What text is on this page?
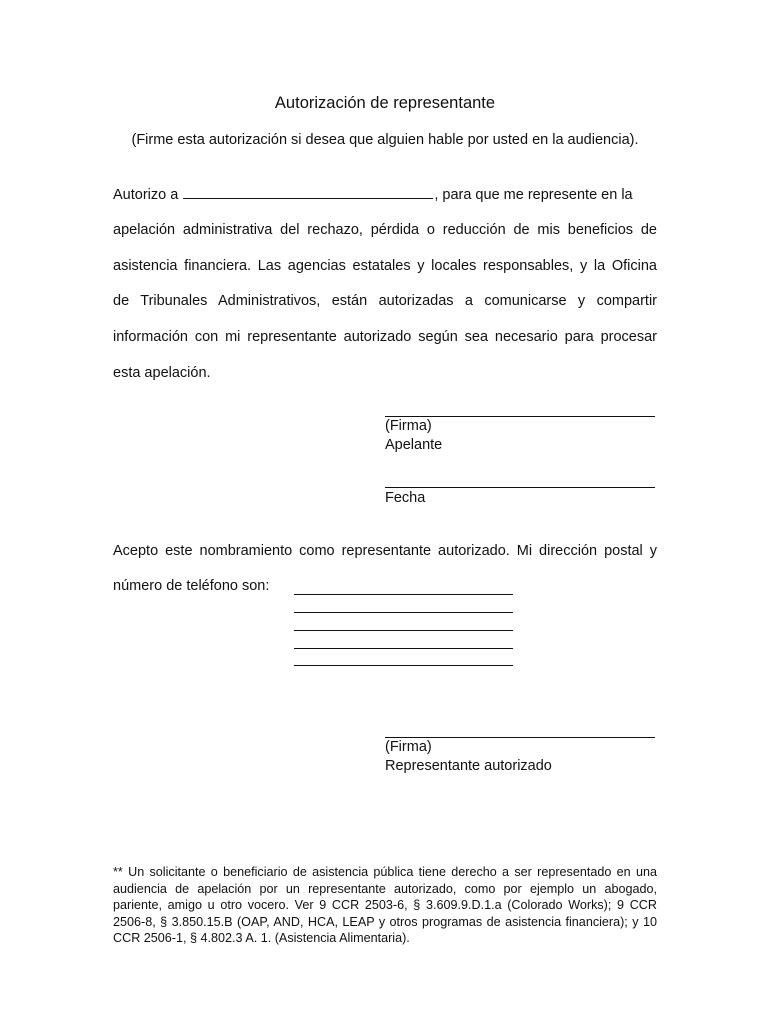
Autorización de representante
(Firme esta autorización si desea que alguien hable por usted en la audiencia).
Autorizo a	, para que me represente en la
apelación administrativa del rechazo, pérdida o reducción de mis beneficios de
asistencia financiera. Las agencias estatales y locales responsables, y la Oficina
de Tribunales Administrativos, están autorizadas a comunicarse y compartir
información con mi representante autorizado según sea necesario para procesar
esta apelación.
(Firma)
Apelante
Fecha
Acepto este nombramiento como representante autorizado. Mi dirección postal y
número de teléfono son:
(Firma)
Representante autorizado
** Un solicitante o beneficiario de asistencia pública tiene derecho a ser representado en una audiencia de apelación por un representante autorizado, como por ejemplo un abogado, pariente, amigo u otro vocero. Ver 9 CCR 2503-6, § 3.609.9.D.1.a (Colorado Works); 9 CCR 2506-8, § 3.850.15.B (OAP, AND, HCA, LEAP y otros programas de asistencia financiera); y 10 CCR 2506-1, § 4.802.3 A. 1. (Asistencia Alimentaria).
